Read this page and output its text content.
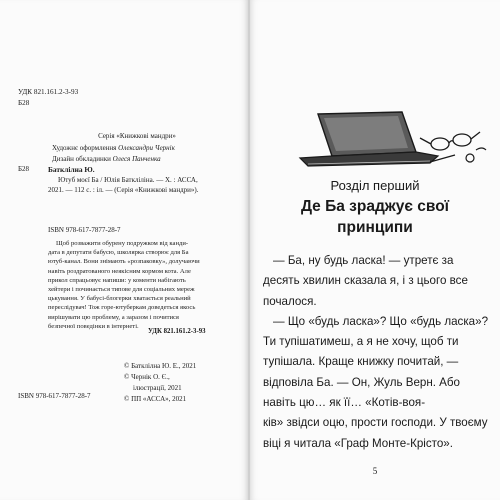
УДК 821.161.2-3-93
Б28
Серія «Книжкові мандри»
Художнє оформлення Олександри Чернік
Дизайн обкладинки Олеся Панченка
Б28	Батклілна Ю.
Ютуб моєї Ба / Юлія Баткліліна. — Х. : АССА,
2021. — 112 с. : іл. — (Серія «Книжкові мандри»).
ISBN 978-617-7877-28-7
Щоб розважити обурену подружком від канди-
дата в депутати бабусю, школярка створює для Ба
ютуб-канал. Вони знімають «розпаковку», долучаючи
навіть роздратованого неякісним кормом кота. Але
прикол спрацьовує напиши: у коменти набігають
хейтери і починається типове для соціальних мереж
цькування. У бабусі-блогерки хватається реальний
переслідувач! Тож горе-ютуберкам доведеться якось
вирішувати цю проблему, а заразом і почитися
безпечної поведінки в інтернеті.
УДК 821.161.2-3-93
ISBN 978-617-7877-28-7
© Батклілна Ю. Е., 2021
© Чернік О. Є.,
ілюстрації, 2021
© ПП «АССА», 2021
Розділ перший
Де Ба зраджує свої
принципи
— Ба, ну будь ласка! — утретє за
десять хвилин сказала я, і з цього все
почалося.
— Що «будь ласка»? Що «будь ласка»?
Ти тупішатимеш, а я не хочу, щоб ти
тупішала. Краще книжку почитай, —
відповіла Ба. — Он, Жуль Верн. Або
навіть цю… як її… «Котів-воя-
ків» звідси оцю, прости господи. У твоєму
віці я читала «Граф Монте-Крісто».
5
